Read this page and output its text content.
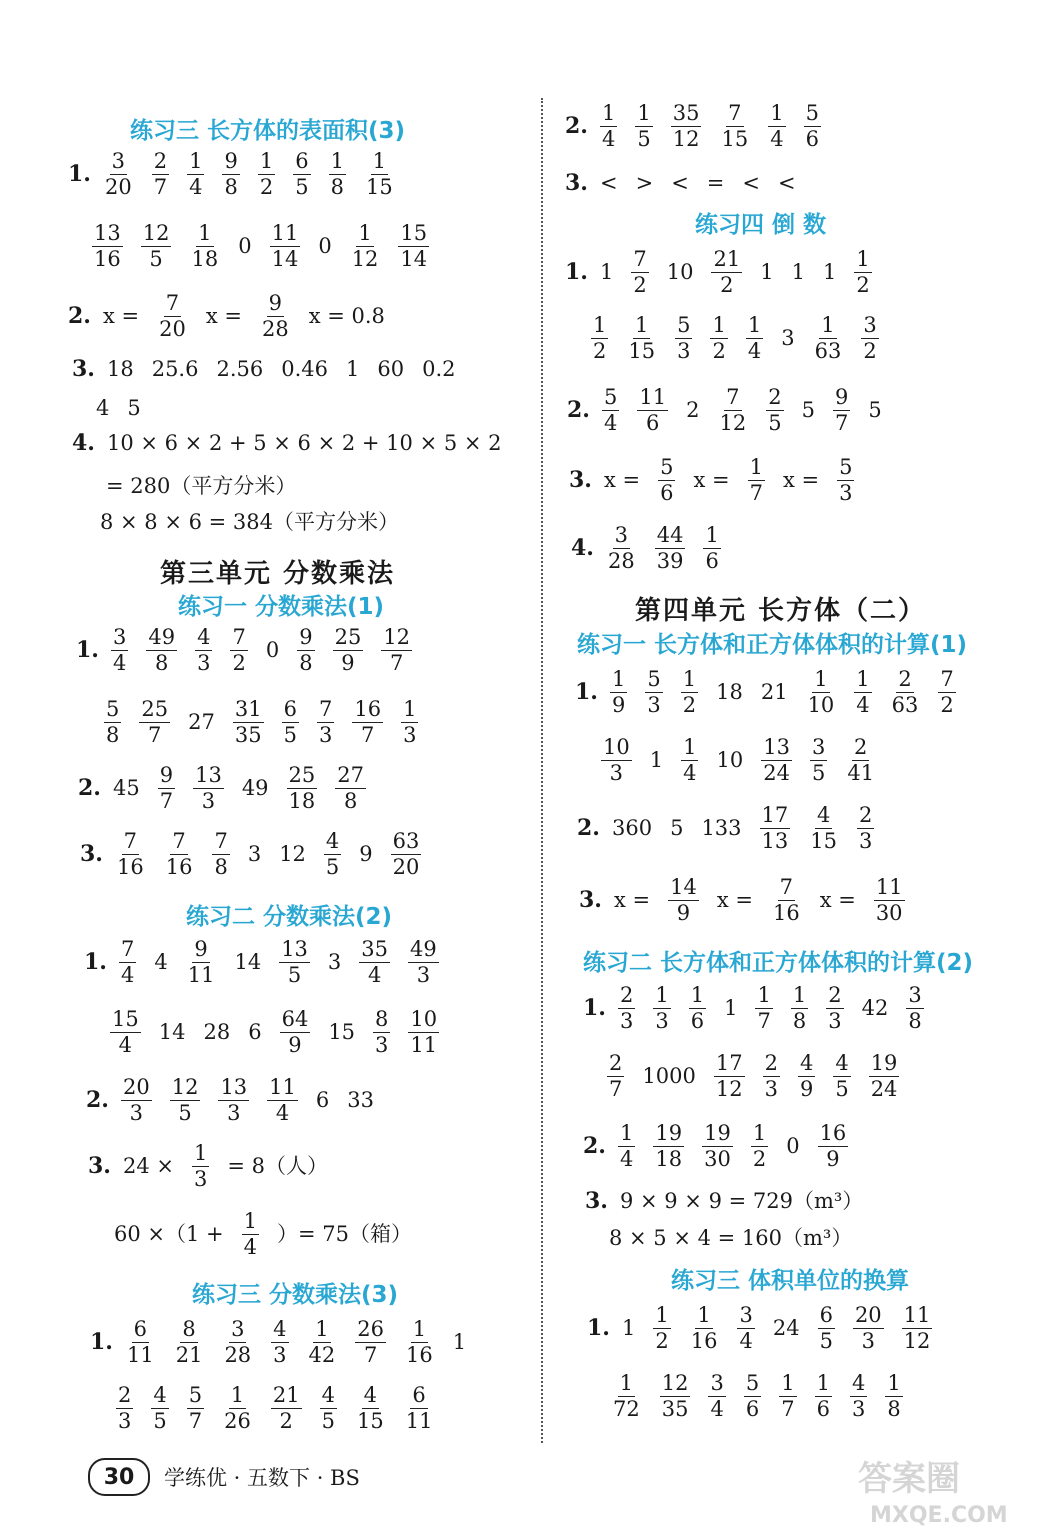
练习三 长方体的表面积(3)
1. $\frac{3}{20} \frac{2}{7} \frac{1}{4} \frac{9}{8} \frac{1}{2} \frac{6}{5} \frac{1}{8} \frac{1}{15}$
$\frac{13}{16} \frac{12}{5} \frac{1}{18} 0 \frac{11}{14} 0 \frac{1}{12} \frac{15}{14}$
2. $x = \frac{7}{20}$ $x = \frac{9}{28}$ x = 0.8
3. 18 25.6 2.56 0.46 1 60 0.2
4 5
4. 10 × 6 × 2 + 5 × 6 × 2 + 10 × 5 × 2
= 280（平方分米）
8 × 8 × 6 = 384（平方分米）
第三单元 分数乘法
练习一 分数乘法(1)
1. $\frac{3}{4} \frac{49}{8} \frac{4}{3} \frac{7}{2} 0 \frac{9}{8} \frac{25}{9} \frac{12}{7}$
$\frac{5}{8} \frac{25}{7} 27 \frac{31}{35} \frac{6}{5} \frac{7}{3} \frac{16}{7} \frac{1}{3}$
2. $45 \frac{9}{7} \frac{13}{3} 49 \frac{25}{18} \frac{27}{8}$
3. $\frac{7}{16} \frac{7}{16} \frac{7}{8} 3$ $12 \frac{4}{5} 9 \frac{63}{20}$
练习二 分数乘法(2)
1. $\frac{7}{4} 4 \frac{9}{11} 14 \frac{13}{5} 3 \frac{35}{4} \frac{49}{3}$
$\frac{15}{4} 14$ 28 $6 \frac{64}{9} 15 \frac{8}{3} \frac{10}{11}$
2. $\frac{20}{3} \frac{12}{5} \frac{13}{3} \frac{11}{4} 6$ 33
3. $24 \times \frac{1}{3} = 8$（人）
$60 \times(1 + \frac{1}{4}$ ）= 75（箱）
练习三 分数乘法(3)
1. $\frac{6}{11} \frac{8}{21} \frac{3}{28} \frac{4}{3} \frac{1}{42} \frac{26}{7} \frac{1}{16} 1$
$\frac{2}{3} \frac{4}{5} \frac{5}{7} \frac{1}{26} \frac{21}{2} \frac{4}{5} \frac{4}{15} \frac{6}{11}$
2. $\frac{1}{4} \frac{1}{5} \frac{35}{12} \frac{7}{15} \frac{1}{4} \frac{5}{6}$
3. < > < = < <
练习四 倒 数
1. $1 \frac{7}{2} 10 \frac{21}{2} 1$ 1 $1 \frac{1}{2}$
$\frac{1}{2} \frac{1}{15} \frac{5}{3} \frac{1}{2} \frac{1}{4} 3 \frac{1}{63} \frac{3}{2}$
2. $\frac{5}{4} \frac{11}{6} 2 \frac{7}{12} \frac{2}{5} 5 \frac{9}{7} 5$
3. $x = \frac{5}{6}$ $x = \frac{1}{7}$ $x = \frac{5}{3}$
4. $\frac{3}{28} \frac{44}{39} \frac{1}{6}$
第四单元 长方体（二）
练习一 长方体和正方体体积的计算(1)
1. $\frac{1}{9} \frac{5}{3} \frac{1}{2} 18$ $21 \frac{1}{10} \frac{1}{4} \frac{2}{63} \frac{7}{2}$
$\frac{10}{3} 1 \frac{1}{4} 10 \frac{13}{24} \frac{3}{5} \frac{2}{41}$
2. 360 5 $133 \frac{17}{13} \frac{4}{15} \frac{2}{3}$
3. $x = \frac{14}{9}$ $x = \frac{7}{16}$ $x = \frac{11}{30}$
练习二 长方体和正方体体积的计算(2)
1. $\frac{2}{3} \frac{1}{3} \frac{1}{6} 1 \frac{1}{7} \frac{1}{8} \frac{2}{3} 42 \frac{3}{8}$
$\frac{2}{7} 1000 \frac{17}{12} \frac{2}{3} \frac{4}{9} \frac{4}{5} \frac{19}{24}$
2. $\frac{1}{4} \frac{19}{18} \frac{19}{30} \frac{1}{2} 0 \frac{16}{9}$
3. 9 × 9 × 9 = 729（m³）
8 × 5 × 4 = 160（m³）
练习三 体积单位的换算
1. $1 \frac{1}{2} \frac{1}{16} \frac{3}{4} 24 \frac{6}{5} \frac{20}{3} \frac{11}{12}$
$\frac{1}{72} \frac{12}{35} \frac{3}{4} \frac{5}{6} \frac{1}{7} \frac{1}{6} \frac{4}{3} \frac{1}{8}$
30	学练优 · 五数下 · BS	答案圈
MXQE.COM
